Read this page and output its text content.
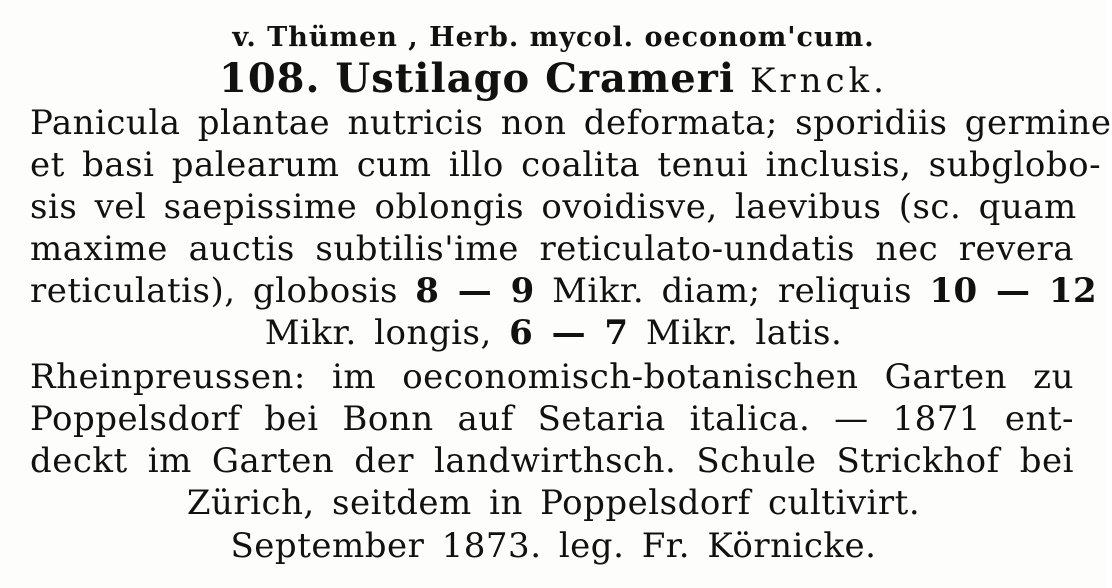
v. Thümen , Herb. mycol. oeconom'cum.
108. Ustilago Crameri Krnck.
Panicula plantae nutricis non deformata; sporidiis germine
et basi palearum cum illo coalita tenui inclusis, subglobo-
sis vel saepissime oblongis ovoidisve, laevibus (sc. quam
maxime auctis subtilis'ime reticulato-undatis nec revera
reticulatis), globosis 8 — 9 Mikr. diam; reliquis 10 — 12
Mikr. longis, 6 — 7 Mikr. latis.
Rheinpreussen: im oeconomisch-botanischen Garten zu
Poppelsdorf bei Bonn auf Setaria italica. — 1871 ent-
deckt im Garten der landwirthsch. Schule Strickhof bei
Zürich, seitdem in Poppelsdorf cultivirt.
September 1873. leg. Fr. Körnicke.
